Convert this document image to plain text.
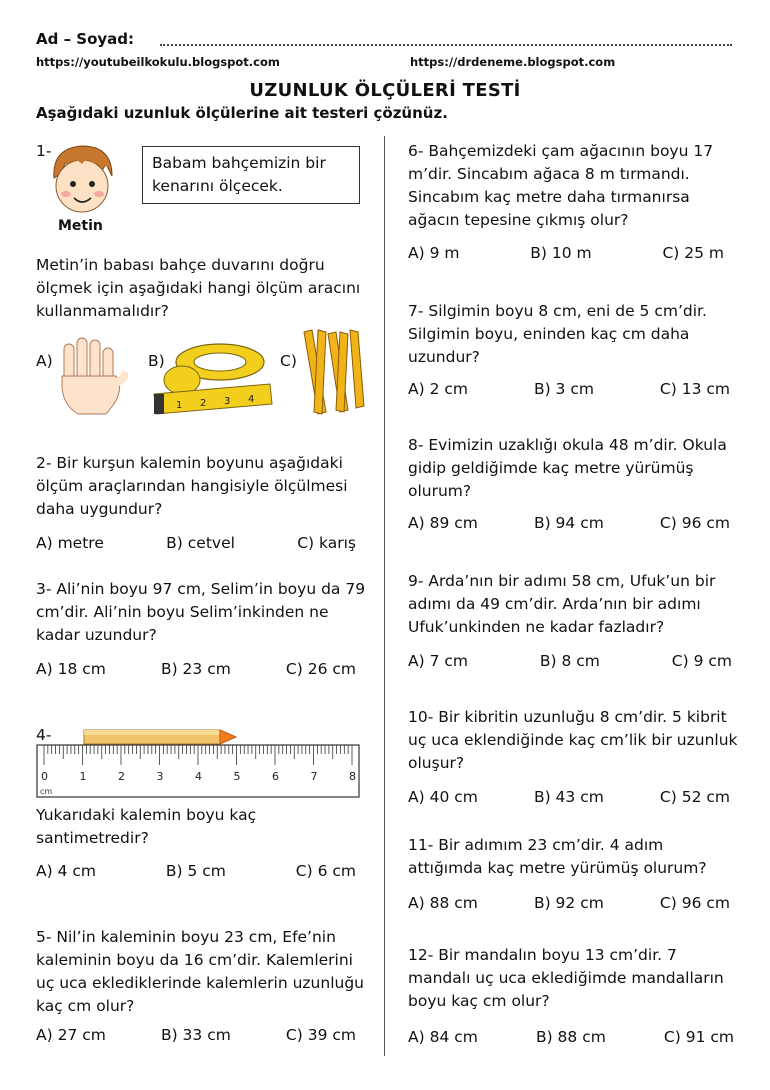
Ad – Soyad:
https://youtubeilkokulu.blogspot.com	https://drdeneme.blogspot.com
UZUNLUK ÖLÇÜLERİ TESTİ
Aşağıdaki uzunluk ölçülerine ait testeri çözünüz.
1-
Metin
Babam bahçemizin bir kenarını ölçecek.
Metin’in babası bahçe duvarını doğru ölçmek için aşağıdaki hangi ölçüm aracını kullanmamalıdır?
A)	B)
1 2 3 4
C)
2- Bir kurşun kalemin boyunu aşağıdaki ölçüm araçlarından hangisiyle ölçülmesi daha uygundur?
A) metre	B) cetvel	C) karış
3- Ali’nin boyu 97 cm, Selim’in boyu da 79 cm’dir. Ali’nin boyu Selim’inkinden ne kadar uzundur?
A) 18 cm	B) 23 cm	C) 26 cm
4-
0	1	2	3	4	5	6	7	8
cm
Yukarıdaki kalemin boyu kaç santimetredir?
A) 4 cm	B) 5 cm	C) 6 cm
5- Nil’in kaleminin boyu 23 cm, Efe’nin kaleminin boyu da 16 cm’dir. Kalemlerini uç uca eklediklerinde kalemlerin uzunluğu kaç cm olur?
A) 27 cm	B) 33 cm	C) 39 cm
6- Bahçemizdeki çam ağacının boyu 17 m’dir. Sincabım ağaca 8 m tırmandı. Sincabım kaç metre daha tırmanırsa ağacın tepesine çıkmış olur?
A) 9 m	B) 10 m	C) 25 m
7- Silgimin boyu 8 cm, eni de 5 cm’dir. Silgimin boyu, eninden kaç cm daha uzundur?
A) 2 cm	B) 3 cm	C) 13 cm
8- Evimizin uzaklığı okula 48 m’dir. Okula gidip geldiğimde kaç metre yürümüş olurum?
A) 89 cm	B) 94 cm	C) 96 cm
9- Arda’nın bir adımı 58 cm, Ufuk’un bir adımı da 49 cm’dir. Arda’nın bir adımı Ufuk’unkinden ne kadar fazladır?
A) 7 cm	B) 8 cm	C) 9 cm
10- Bir kibritin uzunluğu 8 cm’dir. 5 kibrit uç uca eklendiğinde kaç cm’lik bir uzunluk oluşur?
A) 40 cm	B) 43 cm	C) 52 cm
11- Bir adımım 23 cm’dir. 4 adım attığımda kaç metre yürümüş olurum?
A) 88 cm	B) 92 cm	C) 96 cm
12- Bir mandalın boyu 13 cm’dir. 7 mandalı uç uca eklediğimde mandalların boyu kaç cm olur?
A) 84 cm	B) 88 cm	C) 91 cm
